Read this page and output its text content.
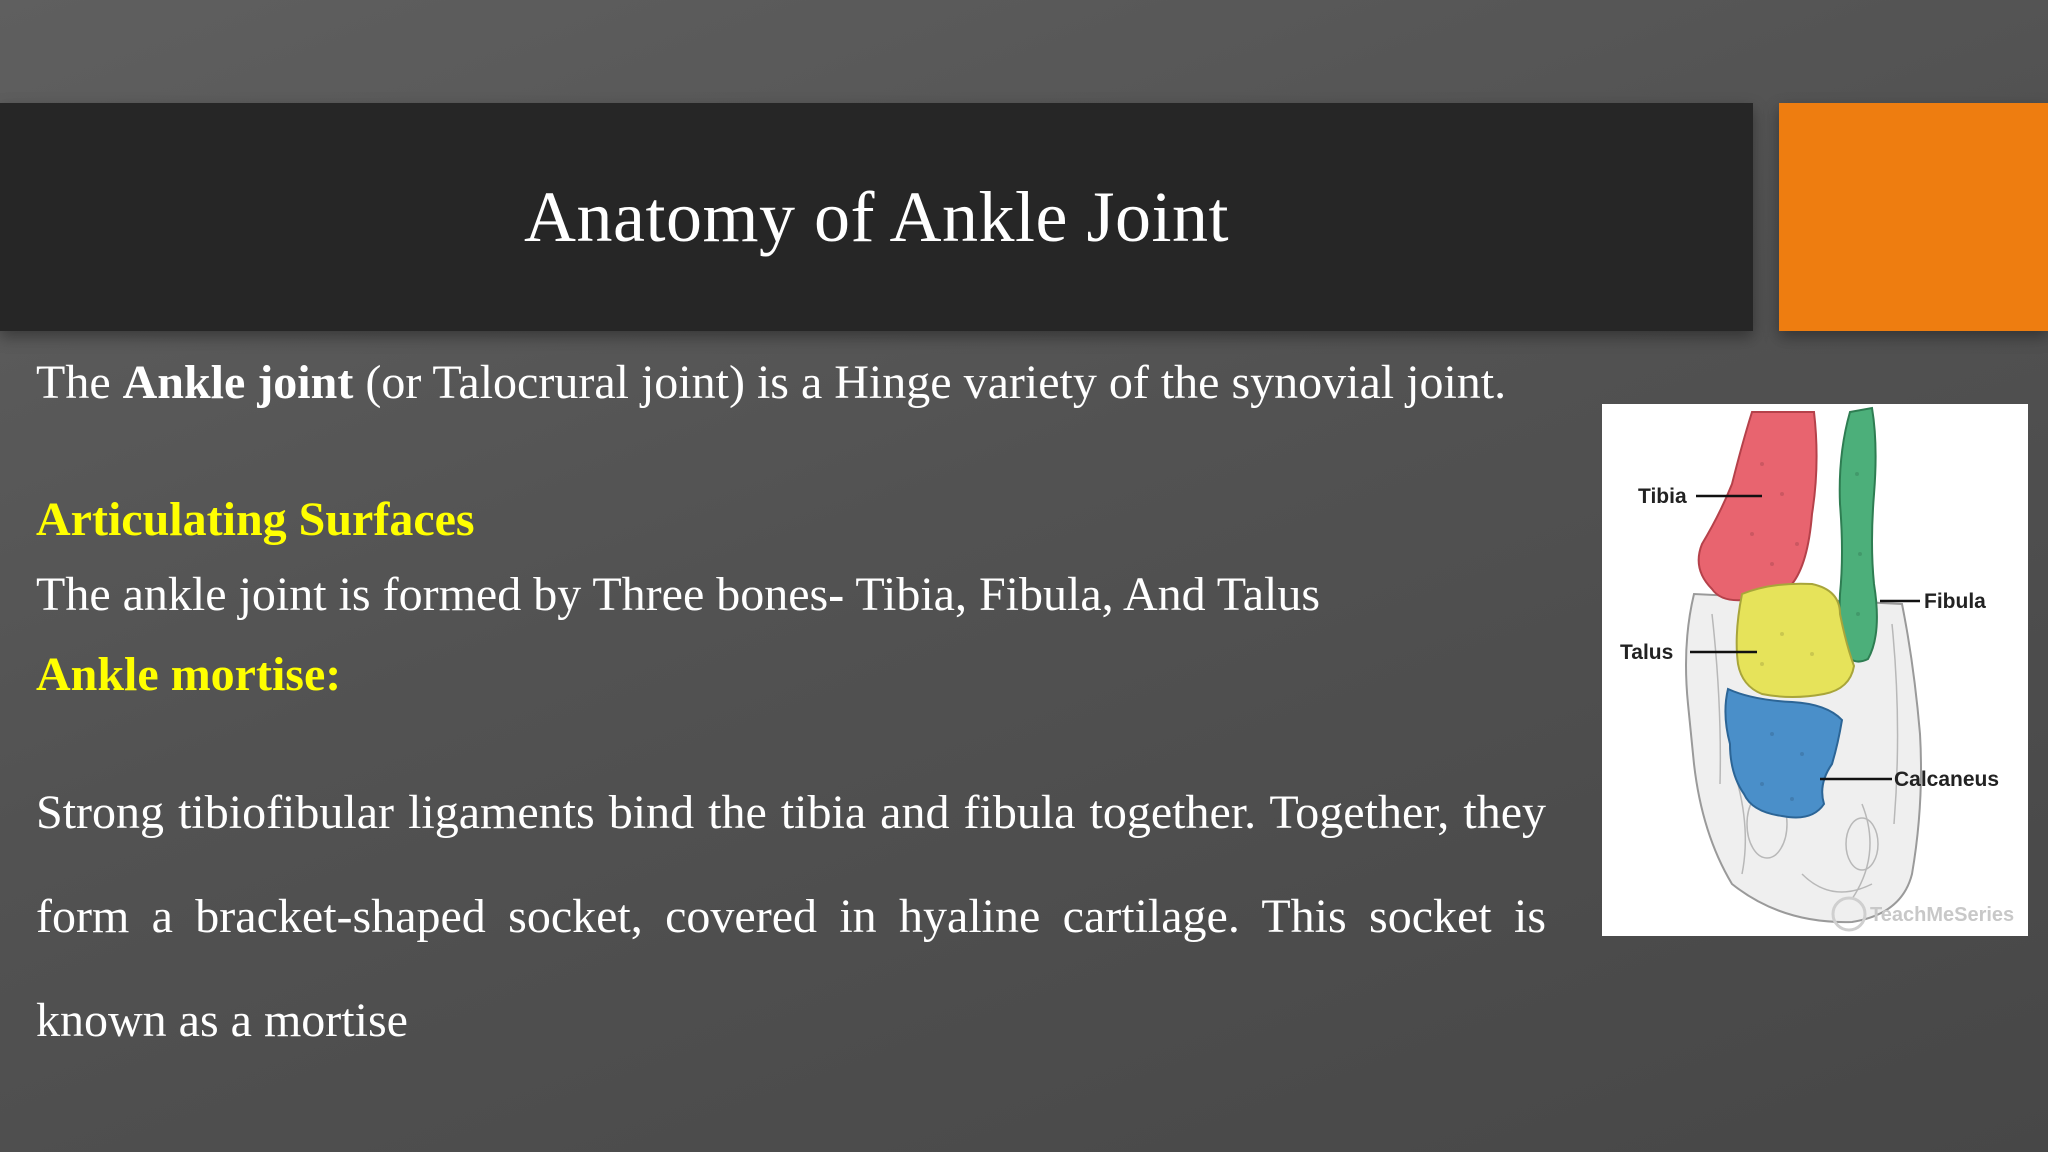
Anatomy of Ankle Joint

The Ankle joint (or Talocrural joint) is a Hinge variety of the synovial joint.

Articulating Surfaces

The ankle joint is formed by Three bones- Tibia, Fibula, And Talus

Ankle mortise:

Strong tibiofibular ligaments bind the tibia and fibula together. Together, they form a bracket-shaped socket, covered in hyaline cartilage. This socket is known as a mortise

Tibia
Fibula
Talus
Calcaneus
TeachMeSeries
